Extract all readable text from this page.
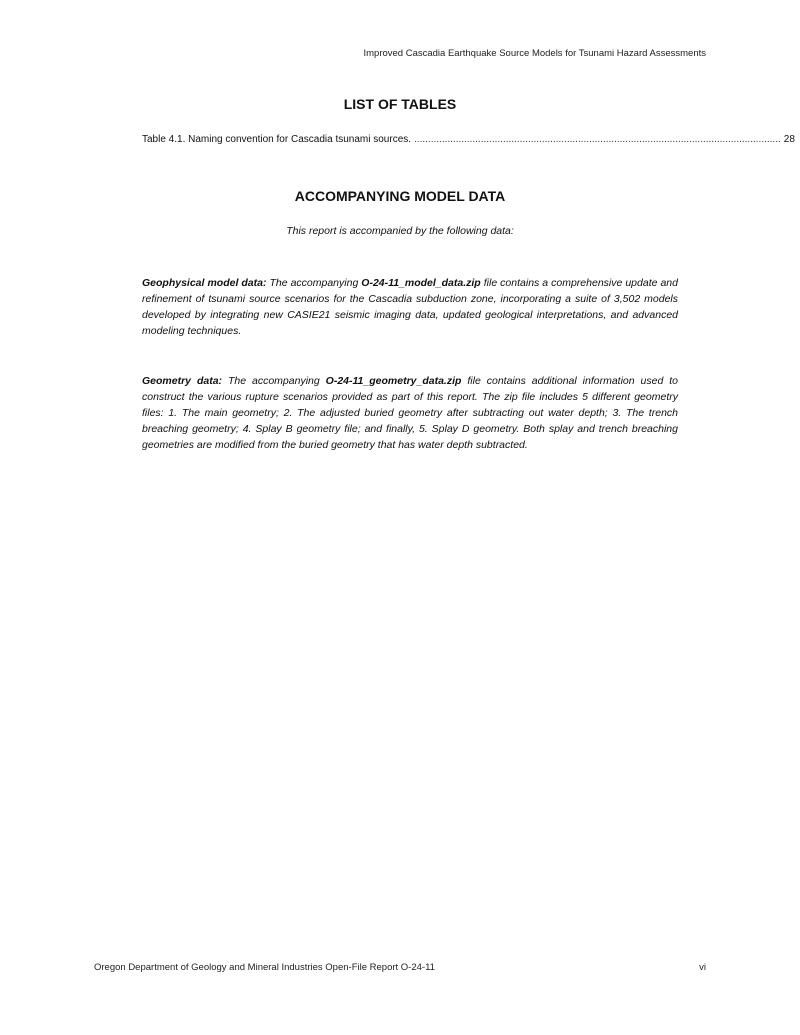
Improved Cascadia Earthquake Source Models for Tsunami Hazard Assessments
LIST OF TABLES
Table 4.1. Naming convention for Cascadia tsunami sources. .................................................................................................................................... 28
ACCOMPANYING MODEL DATA
This report is accompanied by the following data:
Geophysical model data: The accompanying O-24-11_model_data.zip file contains a comprehensive update and refinement of tsunami source scenarios for the Cascadia subduction zone, incorporating a suite of 3,502 models developed by integrating new CASIE21 seismic imaging data, updated geological interpretations, and advanced modeling techniques.
Geometry data: The accompanying O-24-11_geometry_data.zip file contains additional information used to construct the various rupture scenarios provided as part of this report. The zip file includes 5 different geometry files: 1. The main geometry; 2. The adjusted buried geometry after subtracting out water depth; 3. The trench breaching geometry; 4. Splay B geometry file; and finally, 5. Splay D geometry. Both splay and trench breaching geometries are modified from the buried geometry that has water depth subtracted.
Oregon Department of Geology and Mineral Industries Open-File Report O-24-11	vi
